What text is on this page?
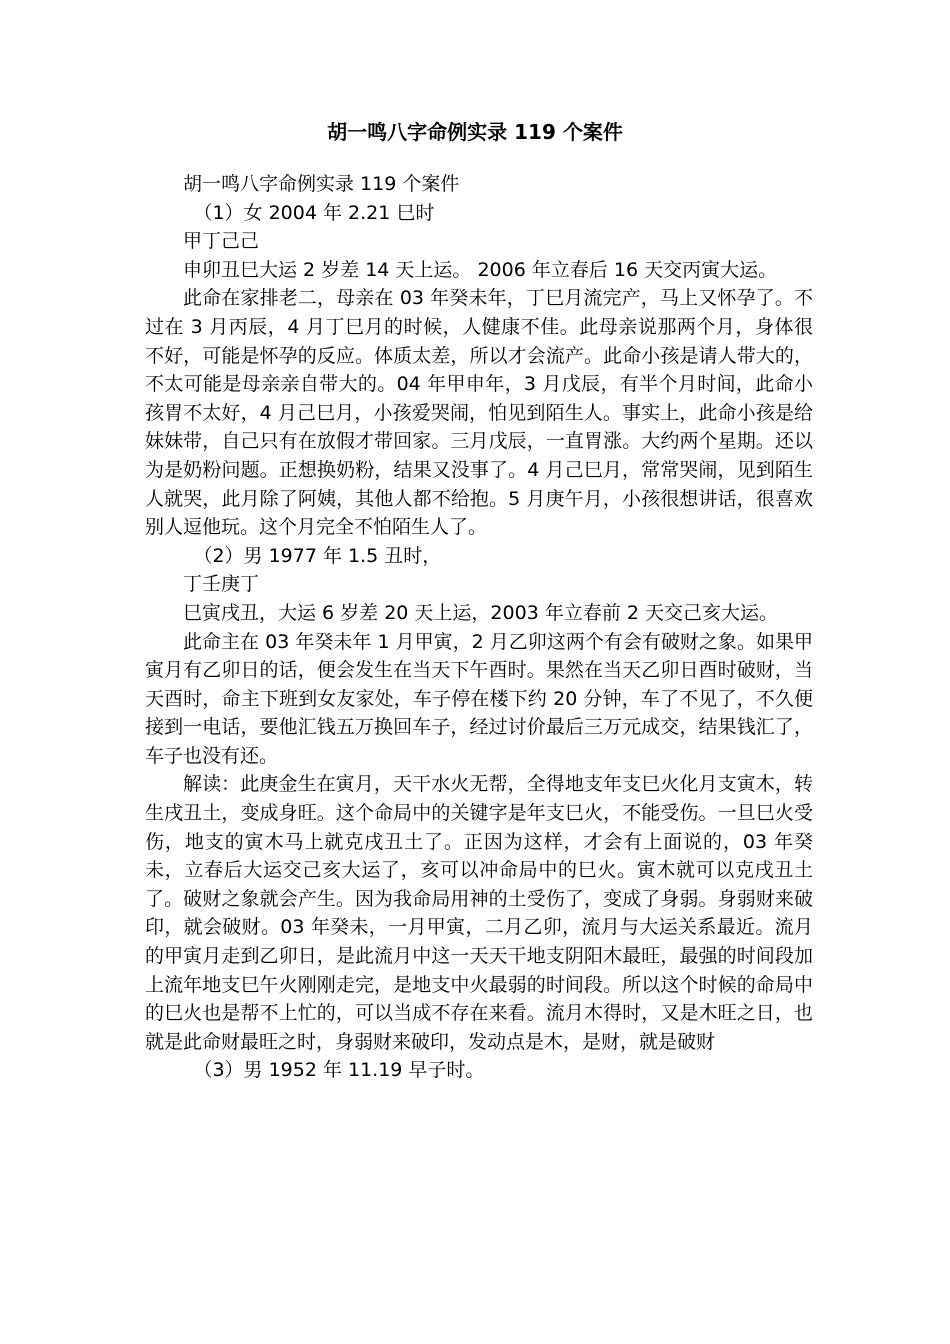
胡一鸣八字命例实录 119 个案件

胡一鸣八字命例实录 119 个案件

（1）女 2004 年 2.21 巳时

甲丁己己

申卯丑巳大运 2 岁差 14 天上运。 2006 年立春后 16 天交丙寅大运。

此命在家排老二，母亲在 03 年癸未年，丁巳月流完产，马上又怀孕了。不过在 3 月丙辰，4 月丁巳月的时候，人健康不佳。此母亲说那两个月，身体很不好，可能是怀孕的反应。体质太差，所以才会流产。此命小孩是请人带大的，不太可能是母亲亲自带大的。04 年甲申年，3 月戊辰，有半个月时间，此命小孩胃不太好，4 月己巳月，小孩爱哭闹，怕见到陌生人。事实上，此命小孩是给妹妹带，自己只有在放假才带回家。三月戊辰，一直胃涨。大约两个星期。还以为是奶粉问题。正想换奶粉，结果又没事了。4 月己巳月，常常哭闹，见到陌生人就哭，此月除了阿姨，其他人都不给抱。5 月庚午月，小孩很想讲话，很喜欢别人逗他玩。这个月完全不怕陌生人了。

（2）男 1977 年 1.5 丑时，

丁壬庚丁

巳寅戌丑，大运 6 岁差 20 天上运，2003 年立春前 2 天交己亥大运。

此命主在 03 年癸未年 1 月甲寅，2 月乙卯这两个有会有破财之象。如果甲寅月有乙卯日的话，便会发生在当天下午酉时。果然在当天乙卯日酉时破财，当天酉时，命主下班到女友家处，车子停在楼下约 20 分钟，车了不见了，不久便接到一电话，要他汇钱五万换回车子，经过讨价最后三万元成交，结果钱汇了，车子也没有还。

解读：此庚金生在寅月，天干水火无帮，全得地支年支巳火化月支寅木，转生戌丑土，变成身旺。这个命局中的关键字是年支巳火，不能受伤。一旦巳火受伤，地支的寅木马上就克戌丑土了。正因为这样，才会有上面说的，03 年癸未，立春后大运交己亥大运了，亥可以冲命局中的巳火。寅木就可以克戌丑土了。破财之象就会产生。因为我命局用神的土受伤了，变成了身弱。身弱财来破印，就会破财。03 年癸未，一月甲寅，二月乙卯，流月与大运关系最近。流月的甲寅月走到乙卯日，是此流月中这一天天干地支阴阳木最旺，最强的时间段加上流年地支巳午火刚刚走完，是地支中火最弱的时间段。所以这个时候的命局中的巳火也是帮不上忙的，可以当成不存在来看。流月木得时，又是木旺之日，也就是此命财最旺之时，身弱财来破印，发动点是木，是财，就是破财

（3）男 1952 年 11.19 早子时。
